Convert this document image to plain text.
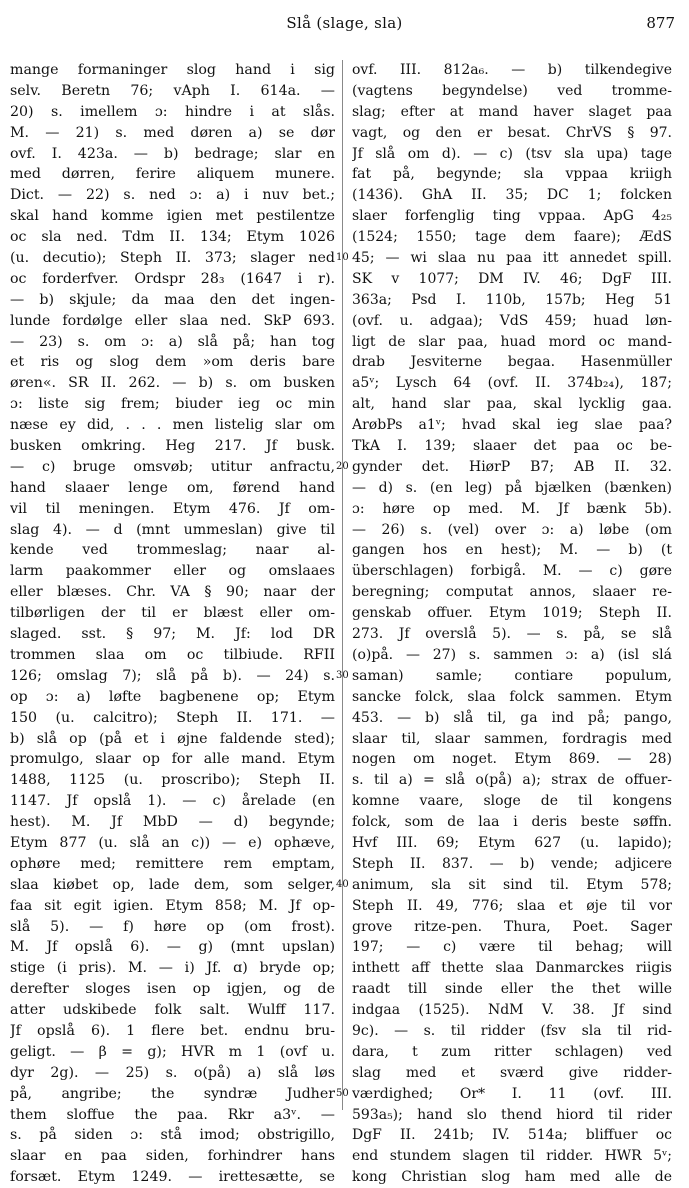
Slå (slage, sla)	877
mange formaninger slog hand i sig
selv. Beretn 76; vAph I. 614a. —
20) s. imellem ɔ: hindre i at slås.
M. — 21) s. med døren a) se dør
ovf. I. 423a. — b) bedrage; slar en
med dørren, ferire aliquem munere.
Dict. — 22) s. ned ɔ: a) i nuv bet.;
skal hand komme igien met pestilentze
oc sla ned. Tdm II. 134; Etym 1026
(u. decutio); Steph II. 373; slager ned
oc forderfver. Ordspr 28₃ (1647 i r).
— b) skjule; da maa den det ingen-
lunde fordølge eller slaa ned. SkP 693.
— 23) s. om ɔ: a) slå på; han tog
et ris og slog dem »om deris bare
øren«. SR II. 262. — b) s. om busken
ɔ: liste sig frem; biuder ieg oc min
næse ey did, . . . men listelig slar om
busken omkring. Heg 217. Jf busk.
— c) bruge omsvøb; utitur anfractu,
hand slaaer lenge om, førend hand
vil til meningen. Etym 476. Jf om-
slag 4). — d (mnt ummeslan) give til
kende ved trommeslag; naar al-
larm paakommer eller og omslaaes
eller blæses. Chr. VA § 90; naar der
tilbørligen der til er blæst eller om-
slaged. sst. § 97; M. Jf: lod DR
trommen slaa om oc tilbiude. RFII
126; omslag 7); slå på b). — 24) s.
op ɔ: a) løfte bagbenene op; Etym
150 (u. calcitro); Steph II. 171. —
b) slå op (på et i øjne faldende sted);
promulgo, slaar op for alle mand. Etym
1488, 1125 (u. proscribo); Steph II.
1147. Jf opslå 1). — c) årelade (en
hest). M. Jf MbD — d) begynde;
Etym 877 (u. slå an c)) — e) ophæve,
ophøre med; remittere rem emptam,
slaa kiøbet op, lade dem, som selger,
faa sit egit igien. Etym 858; M. Jf op-
slå 5). — f) høre op (om frost).
M. Jf opslå 6). — g) (mnt upslan)
stige (i pris). M. — i) Jf. ɑ) bryde op;
derefter sloges isen op igjen, og de
atter udskibede folk salt. Wulff 117.
Jf opslå 6). 1 flere bet. endnu bru-
geligt. — β = g); HVR m 1 (ovf u.
dyr 2g). — 25) s. o(på) a) slå løs
på, angribe; the syndræ Judher
them sloffue the paa. Rkr a3ᵛ. —
s. på siden ɔ: stå imod; obstrigillo,
slaar en paa siden, forhindrer hans
forsæt. Etym 1249. — irettesætte, se
ovf. III. 812a₆. — b) tilkendegive
(vagtens begyndelse) ved tromme-
slag; efter at mand haver slaget paa
vagt, og den er besat. ChrVS § 97.
Jf slå om d). — c) (tsv sla upa) tage
fat på, begynde; sla vppaa kriigh
(1436). GhA II. 35; DC 1; folcken
slaer forfenglig ting vppaa. ApG 4₂₅
(1524; 1550; tage dem faare); ÆdS
45; — wi slaa nu paa itt annedet spill.
SK v 1077; DM IV. 46; DgF III.
363a; Psd I. 110b, 157b; Heg 51
(ovf. u. adgaa); VdS 459; huad løn-
ligt de slar paa, huad mord oc mand-
drab Jesviterne begaa. Hasenmüller
a5ᵛ; Lysch 64 (ovf. II. 374b₂₄), 187;
alt, hand slar paa, skal lycklig gaa.
ArøbPs a1ᵛ; hvad skal ieg slae paa?
TkA I. 139; slaaer det paa oc be-
gynder det. HiørP B7; AB II. 32.
— d) s. (en leg) på bjælken (bænken)
ɔ: høre op med. M. Jf bænk 5b).
— 26) s. (vel) over ɔ: a) løbe (om
gangen hos en hest); M. — b) (t
überschlagen) forbigå. M. — c) gøre
beregning; computat annos, slaaer re-
genskab offuer. Etym 1019; Steph II.
273. Jf overslå 5). — s. på, se slå
(o)på. — 27) s. sammen ɔ: a) (isl slá
saman) samle; contiare populum,
sancke folck, slaa folck sammen. Etym
453. — b) slå til, ga ind på; pango,
slaar til, slaar sammen, fordragis med
nogen om noget. Etym 869. — 28)
s. til a) = slå o(på) a); strax de offuer-
komne vaare, sloge de til kongens
folck, som de laa i deris beste søffn.
Hvf III. 69; Etym 627 (u. lapido);
Steph II. 837. — b) vende; adjicere
animum, sla sit sind til. Etym 578;
Steph II. 49, 776; slaa et øje til vor
grove ritze-pen. Thura, Poet. Sager
197; — c) være til behag; will
inthett aff thette slaa Danmarckes riigis
raadt till sinde eller the thet wille
indgaa (1525). NdM V. 38. Jf sind
9c). — s. til ridder (fsv sla til rid-
dara, t zum ritter schlagen) ved
slag med et sværd give ridder-
værdighed; Or* I. 11 (ovf. III.
593a₅); hand slo thend hiord til rider
DgF II. 241b; IV. 514a; bliffuer oc
end stundem slagen til ridder. HWR 5ᵛ;
kong Christian slog ham med alle de
10
20
30
40
50
